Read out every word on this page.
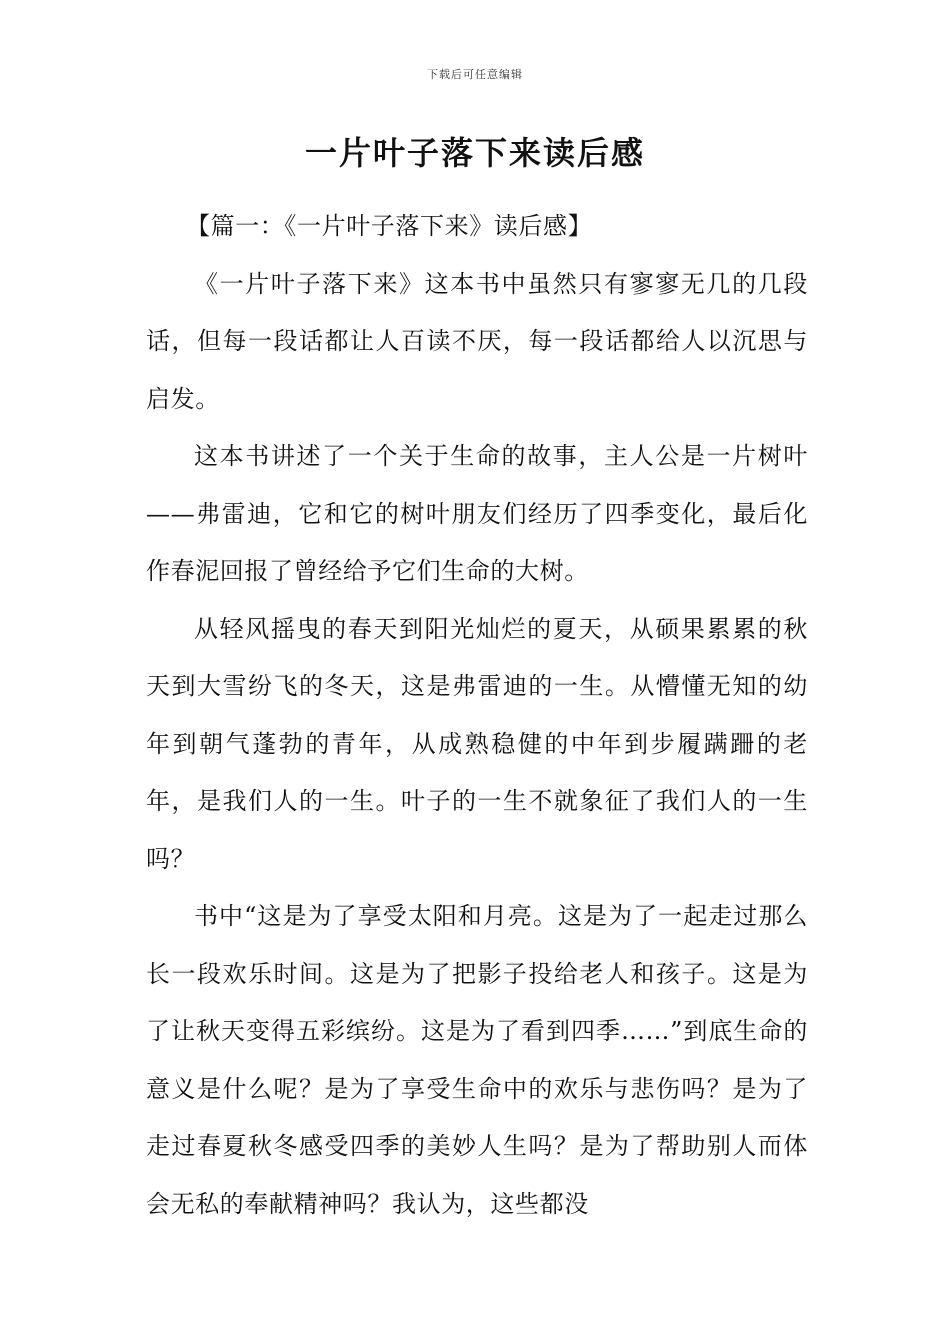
下载后可任意编辑
一片叶子落下来读后感

【篇一：《一片叶子落下来》读后感】

《一片叶子落下来》这本书中虽然只有寥寥无几的几段话，但每一段话都让人百读不厌，每一段话都给人以沉思与启发。

这本书讲述了一个关于生命的故事，主人公是一片树叶——弗雷迪，它和它的树叶朋友们经历了四季变化，最后化作春泥回报了曾经给予它们生命的大树。

从轻风摇曳的春天到阳光灿烂的夏天，从硕果累累的秋天到大雪纷飞的冬天，这是弗雷迪的一生。从懵懂无知的幼年到朝气蓬勃的青年，从成熟稳健的中年到步履蹒跚的老年，是我们人的一生。叶子的一生不就象征了我们人的一生吗？

书中“这是为了享受太阳和月亮。这是为了一起走过那么长一段欢乐时间。这是为了把影子投给老人和孩子。这是为了让秋天变得五彩缤纷。这是为了看到四季……”到底生命的意义是什么呢？是为了享受生命中的欢乐与悲伤吗？是为了走过春夏秋冬感受四季的美妙人生吗？是为了帮助别人而体会无私的奉献精神吗？我认为，这些都没
